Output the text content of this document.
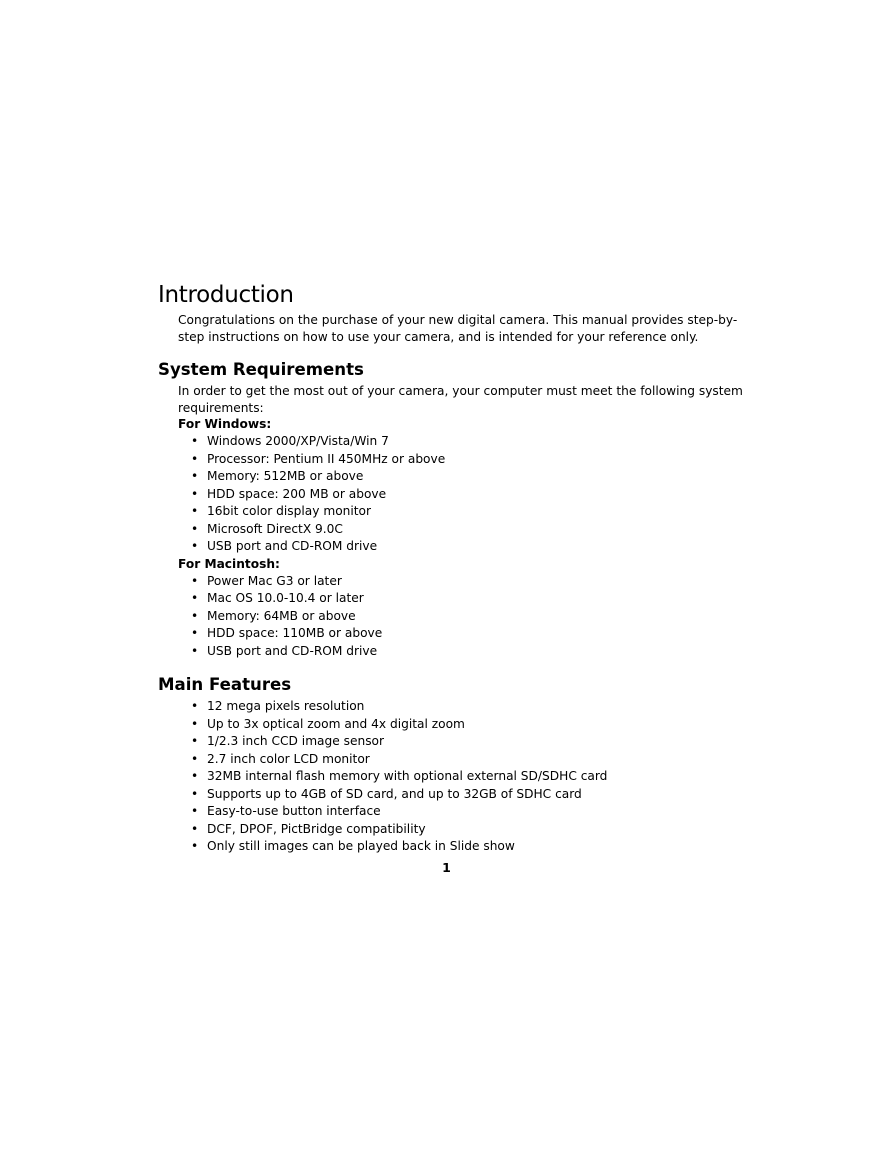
Introduction

Congratulations on the purchase of your new digital camera. This manual provides step-by-step instructions on how to use your camera, and is intended for your reference only.

System Requirements

In order to get the most out of your camera, your computer must meet the following system requirements:

For Windows:
• Windows 2000/XP/Vista/Win 7
• Processor: Pentium II 450MHz or above
• Memory: 512MB or above
• HDD space: 200 MB or above
• 16bit color display monitor
• Microsoft DirectX 9.0C
• USB port and CD-ROM drive
For Macintosh:
• Power Mac G3 or later
• Mac OS 10.0-10.4 or later
• Memory: 64MB or above
• HDD space: 110MB or above
• USB port and CD-ROM drive
Main Features
• 12 mega pixels resolution
• Up to 3x optical zoom and 4x digital zoom
• 1/2.3 inch CCD image sensor
• 2.7 inch color LCD monitor
• 32MB internal flash memory with optional external SD/SDHC card
• Supports up to 4GB of SD card, and up to 32GB of SDHC card
• Easy-to-use button interface
• DCF, DPOF, PictBridge compatibility
• Only still images can be played back in Slide show
1
